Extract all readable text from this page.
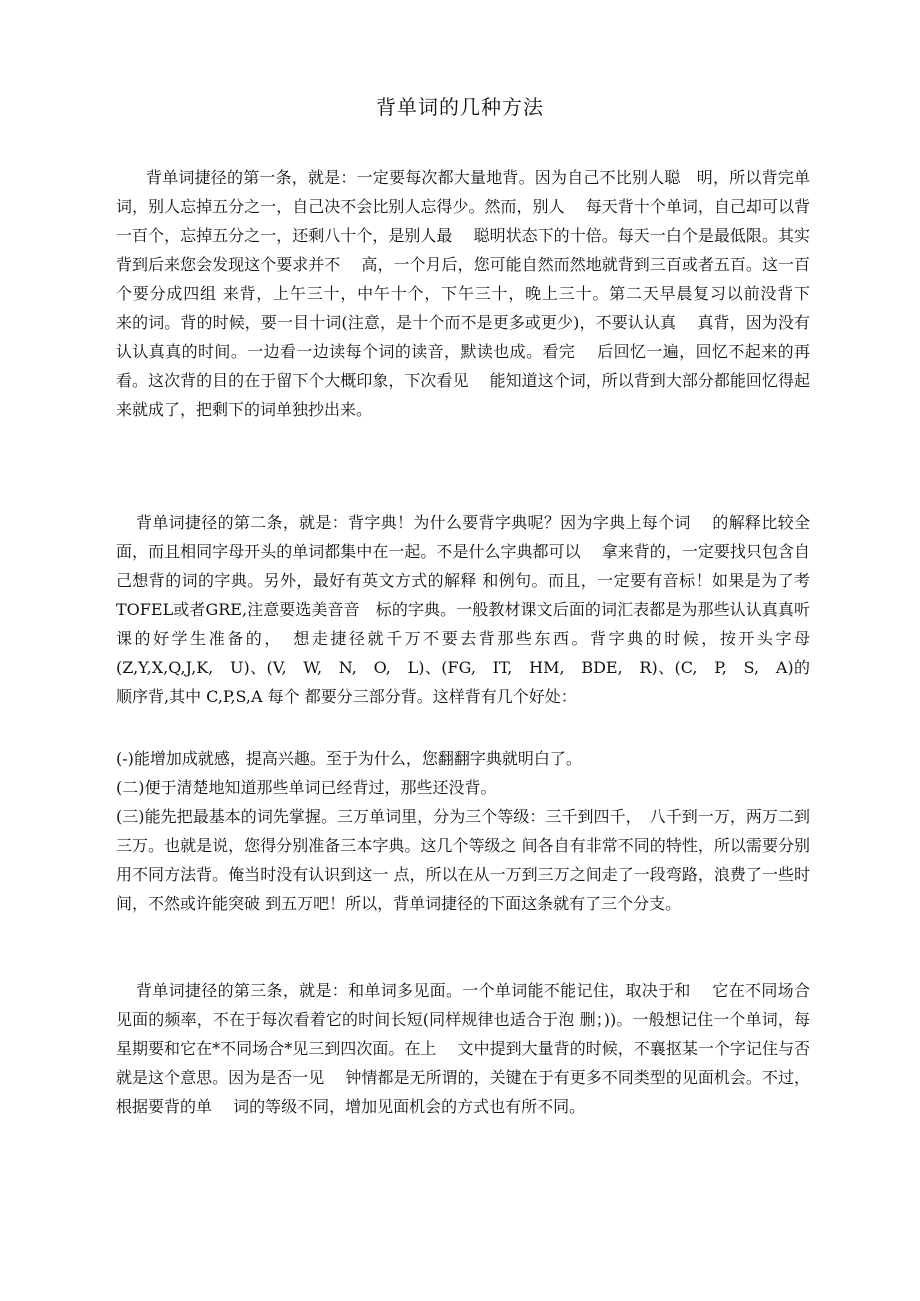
背单词的几种方法

背单词捷径的第一条，就是：一定要每次都大量地背。因为自己不比别人聪　明，所以背完单词，别人忘掉五分之一，自己决不会比别人忘得少。然而，别人　 每天背十个单词，自己却可以背一百个，忘掉五分之一，还剩八十个，是别人最　 聪明状态下的十倍。每天一白个是最低限。其实背到后来您会发现这个要求并不　 高，一个月后，您可能自然而然地就背到三百或者五百。这一百个要分成四组 来背，上午三十，中午十个，下午三十，晚上三十。第二天早晨复习以前没背下　 来的词。背的时候，要一目十词(注意，是十个而不是更多或更少)，不要认认真　 真背，因为没有认认真真的时间。一边看一边读每个词的读音，默读也成。看完　 后回忆一遍，回忆不起来的再看。这次背的目的在于留下个大概印象，下次看见　 能知道这个词，所以背到大部分都能回忆得起来就成了，把剩下的词单独抄出来。

背单词捷径的第二条，就是：背字典！为什么要背字典呢？因为字典上每个词　 的解释比较全面，而且相同字母开头的单词都集中在一起。不是什么字典都可以　 拿来背的，一定要找只包含自己想背的词的字典。另外，最好有英文方式的解释 和例句。而且，一定要有音标！如果是为了考TOFEL或者GRE,注意要选美音音　标的字典。一般教材课文后面的词汇表都是为那些认认真真听课的好学生准备的，　想走捷径就千万不要去背那些东西。背字典的时候，按开头字母(Z,Y,X,Q,J,K,　U)、(V,　W,　N,　O,　L)、(FG,　IT,　HM,　BDE,　R)、(C,　P,　S,　A)的顺序背,其中 C,P,S,A 每个 都要分三部分背。这样背有几个好处：

(-)能增加成就感，提高兴趣。至于为什么，您翻翻字典就明白了。

(二)便于清楚地知道那些单词已经背过，那些还没背。

(三)能先把最基本的词先掌握。三万单词里，分为三个等级：三千到四千，　八千到一万，两万二到三万。也就是说，您得分别准备三本字典。这几个等级之 间各自有非常不同的特性，所以需要分别用不同方法背。俺当时没有认识到这一 点，所以在从一万到三万之间走了一段弯路，浪费了一些时间，不然或许能突破 到五万吧！所以，背单词捷径的下面这条就有了三个分支。

背单词捷径的第三条，就是：和单词多见面。一个单词能不能记住，取决于和　 它在不同场合见面的频率，不在于每次看着它的时间长短(同样规律也适合于泡 删；))。一般想记住一个单词，每星期要和它在*不同场合*见三到四次面。在上　 文中提到大量背的时候，不襄抠某一个字记住与否就是这个意思。因为是否一见　 钟情都是无所谓的，关键在于有更多不同类型的见面机会。不过，根据要背的单　 词的等级不同，增加见面机会的方式也有所不同。
